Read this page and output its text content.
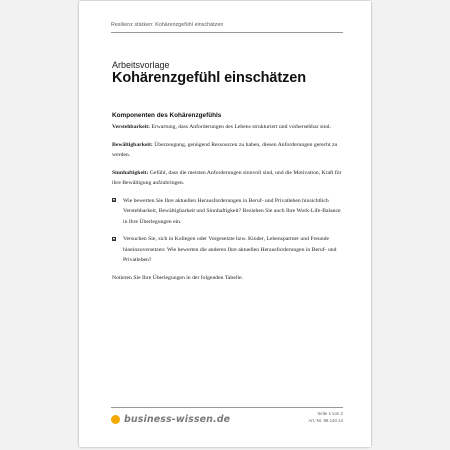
Resilienz stärken: Kohärenzgefühl einschätzen
Arbeitsvorlage
Kohärenzgefühl einschätzen
Komponenten des Kohärenzgefühls

Verstehbarkeit: Erwartung, dass Anforderungen des Lebens strukturiert und vorhersehbar sind.

Bewältigbarkeit: Überzeugung, genügend Ressourcen zu haben, diesen Anforderungen gerecht zu werden.

Sinnhaftigkeit: Gefühl, dass die meisten Anforderungen sinnvoll sind, und die Motivation, Kraft für ihre Bewältigung aufzubringen.

Wie bewerten Sie Ihre aktuellen Herausforderungen in Beruf- und Privatleben hinsichtlich Verstehbarkeit, Bewältigbarkeit und Sinnhaftigkeit? Beziehen Sie auch Ihre Work-Life-Balance in Ihre Überlegungen ein.
Versuchen Sie, sich in Kollegen oder Vorgesetzte bzw. Kinder, Lebenspartner und Freunde hineinzuversetzen: Wie bewerten die anderen Ihre aktuellen Herausforderungen in Beruf- und Privatleben?
Notieren Sie Ihre Überlegungen in der folgenden Tabelle.
business-wissen.de
Seite 1 von 2
Art.-Nr. 98.140.14
